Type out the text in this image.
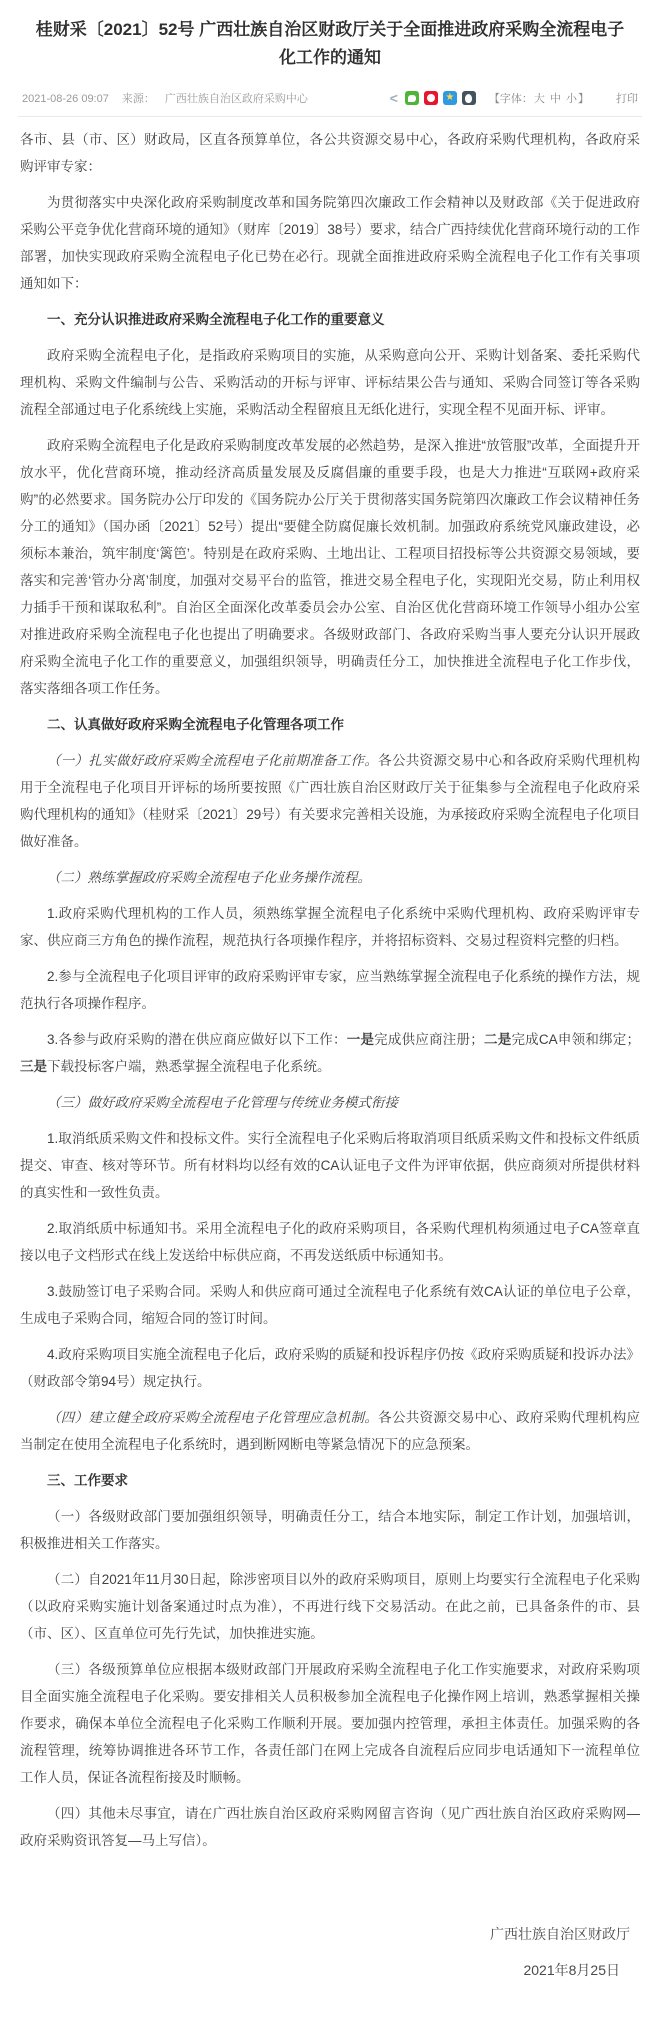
桂财采〔2021〕52号 广西壮族自治区财政厅关于全面推进政府采购全流程电子化工作的通知
2021-08-26 09:07 来源： 广西壮族自治区政府采购中心	<	★	【字体：大 中 小】 打印

各市、县（市、区）财政局，区直各预算单位，各公共资源交易中心，各政府采购代理机构，各政府采购评审专家：

为贯彻落实中央深化政府采购制度改革和国务院第四次廉政工作会精神以及财政部《关于促进政府采购公平竞争优化营商环境的通知》（财库〔2019〕38号）要求，结合广西持续优化营商环境行动的工作部署，加快实现政府采购全流程电子化已势在必行。现就全面推进政府采购全流程电子化工作有关事项通知如下：

一、充分认识推进政府采购全流程电子化工作的重要意义

政府采购全流程电子化，是指政府采购项目的实施，从采购意向公开、采购计划备案、委托采购代理机构、采购文件编制与公告、采购活动的开标与评审、评标结果公告与通知、采购合同签订等各采购流程全部通过电子化系统线上实施，采购活动全程留痕且无纸化进行，实现全程不见面开标、评审。

政府采购全流程电子化是政府采购制度改革发展的必然趋势，是深入推进“放管服”改革，全面提升开放水平，优化营商环境，推动经济高质量发展及反腐倡廉的重要手段，也是大力推进“互联网+政府采购”的必然要求。国务院办公厅印发的《国务院办公厅关于贯彻落实国务院第四次廉政工作会议精神任务分工的通知》（国办函〔2021〕52号）提出“要健全防腐促廉长效机制。加强政府系统党风廉政建设，必须标本兼治，筑牢制度‘篱笆’。特别是在政府采购、土地出让、工程项目招投标等公共资源交易领域，要落实和完善‘管办分离’制度，加强对交易平台的监管，推进交易全程电子化，实现阳光交易，防止利用权力插手干预和谋取私利”。自治区全面深化改革委员会办公室、自治区优化营商环境工作领导小组办公室对推进政府采购全流程电子化也提出了明确要求。各级财政部门、各政府采购当事人要充分认识开展政府采购全流电子化工作的重要意义，加强组织领导，明确责任分工，加快推进全流程电子化工作步伐，落实落细各项工作任务。

二、认真做好政府采购全流程电子化管理各项工作

（一）扎实做好政府采购全流程电子化前期准备工作。各公共资源交易中心和各政府采购代理机构用于全流程电子化项目开评标的场所要按照《广西壮族自治区财政厅关于征集参与全流程电子化政府采购代理机构的通知》（桂财采〔2021〕29号）有关要求完善相关设施，为承接政府采购全流程电子化项目做好准备。

（二）熟练掌握政府采购全流程电子化业务操作流程。

1.政府采购代理机构的工作人员，须熟练掌握全流程电子化系统中采购代理机构、政府采购评审专家、供应商三方角色的操作流程，规范执行各项操作程序，并将招标资料、交易过程资料完整的归档。

2.参与全流程电子化项目评审的政府采购评审专家，应当熟练掌握全流程电子化系统的操作方法，规范执行各项操作程序。

3.各参与政府采购的潜在供应商应做好以下工作：一是完成供应商注册；二是完成CA申领和绑定；三是下载投标客户端，熟悉掌握全流程电子化系统。

（三）做好政府采购全流程电子化管理与传统业务模式衔接

1.取消纸质采购文件和投标文件。实行全流程电子化采购后将取消项目纸质采购文件和投标文件纸质提交、审查、核对等环节。所有材料均以经有效的CA认证电子文件为评审依据，供应商须对所提供材料的真实性和一致性负责。

2.取消纸质中标通知书。采用全流程电子化的政府采购项目，各采购代理机构须通过电子CA签章直接以电子文档形式在线上发送给中标供应商，不再发送纸质中标通知书。

3.鼓励签订电子采购合同。采购人和供应商可通过全流程电子化系统有效CA认证的单位电子公章，生成电子采购合同，缩短合同的签订时间。

4.政府采购项目实施全流程电子化后，政府采购的质疑和投诉程序仍按《政府采购质疑和投诉办法》（财政部令第94号）规定执行。

（四）建立健全政府采购全流程电子化管理应急机制。各公共资源交易中心、政府采购代理机构应当制定在使用全流程电子化系统时，遇到断网断电等紧急情况下的应急预案。

三、工作要求

（一）各级财政部门要加强组织领导，明确责任分工，结合本地实际，制定工作计划，加强培训，积极推进相关工作落实。

（二）自2021年11月30日起，除涉密项目以外的政府采购项目，原则上均要实行全流程电子化采购（以政府采购实施计划备案通过时点为准），不再进行线下交易活动。在此之前，已具备条件的市、县（市、区）、区直单位可先行先试，加快推进实施。

（三）各级预算单位应根据本级财政部门开展政府采购全流程电子化工作实施要求，对政府采购项目全面实施全流程电子化采购。要安排相关人员积极参加全流程电子化操作网上培训，熟悉掌握相关操作要求，确保本单位全流程电子化采购工作顺利开展。要加强内控管理，承担主体责任。加强采购的各流程管理，统筹协调推进各环节工作，各责任部门在网上完成各自流程后应同步电话通知下一流程单位工作人员，保证各流程衔接及时顺畅。

（四）其他未尽事宜，请在广西壮族自治区政府采购网留言咨询（见广西壮族自治区政府采购网—政府采购资讯答复—马上写信）。

广西壮族自治区财政厅
2021年8月25日
